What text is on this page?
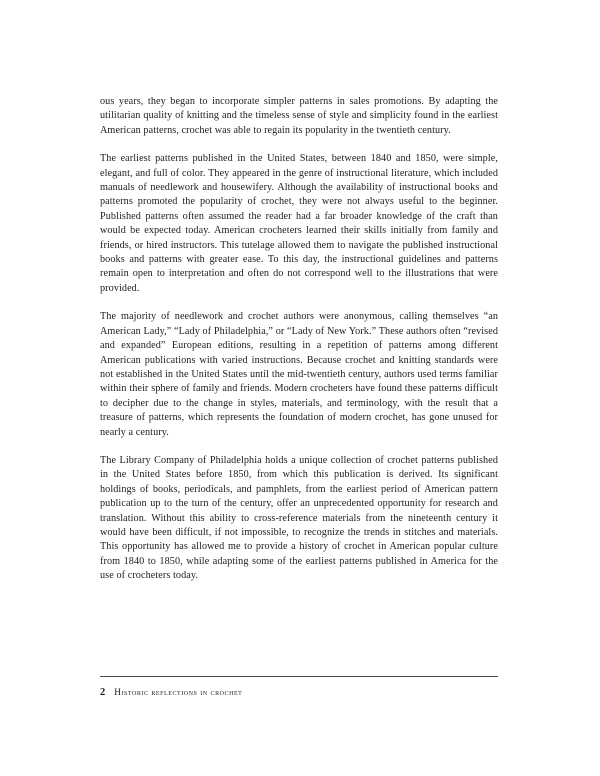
ous years, they began to incorporate simpler patterns in sales promotions. By adapting the utilitarian quality of knitting and the timeless sense of style and simplicity found in the earliest American patterns, crochet was able to regain its popularity in the twentieth century.

The earliest patterns published in the United States, between 1840 and 1850, were simple, elegant, and full of color. They appeared in the genre of instructional literature, which included manuals of needlework and housewifery. Although the availability of instructional books and patterns promoted the popularity of crochet, they were not always useful to the beginner. Published patterns often assumed the reader had a far broader knowledge of the craft than would be expected today. American crocheters learned their skills initially from family and friends, or hired instructors. This tutelage allowed them to navigate the published instructional books and patterns with greater ease. To this day, the instructional guidelines and patterns remain open to interpretation and often do not correspond well to the illustrations that were provided.

The majority of needlework and crochet authors were anonymous, calling themselves “an American Lady,” “Lady of Philadelphia,” or “Lady of New York.” These authors often “revised and expanded” European editions, resulting in a repetition of patterns among different American publications with varied instructions. Because crochet and knitting standards were not established in the United States until the mid-twentieth century, authors used terms familiar within their sphere of family and friends. Modern crocheters have found these patterns difficult to decipher due to the change in styles, materials, and terminology, with the result that a treasure of patterns, which represents the foundation of modern crochet, has gone unused for nearly a century.

The Library Company of Philadelphia holds a unique collection of crochet patterns published in the United States before 1850, from which this publication is derived. Its significant holdings of books, periodicals, and pamphlets, from the earliest period of American pattern publication up to the turn of the century, offer an unprecedented opportunity for research and translation. Without this ability to cross-reference materials from the nineteenth century it would have been difficult, if not impossible, to recognize the trends in stitches and materials. This opportunity has allowed me to provide a history of crochet in American popular culture from 1840 to 1850, while adapting some of the earliest patterns published in America for the use of crocheters today.

2 historic reflections in crochet
